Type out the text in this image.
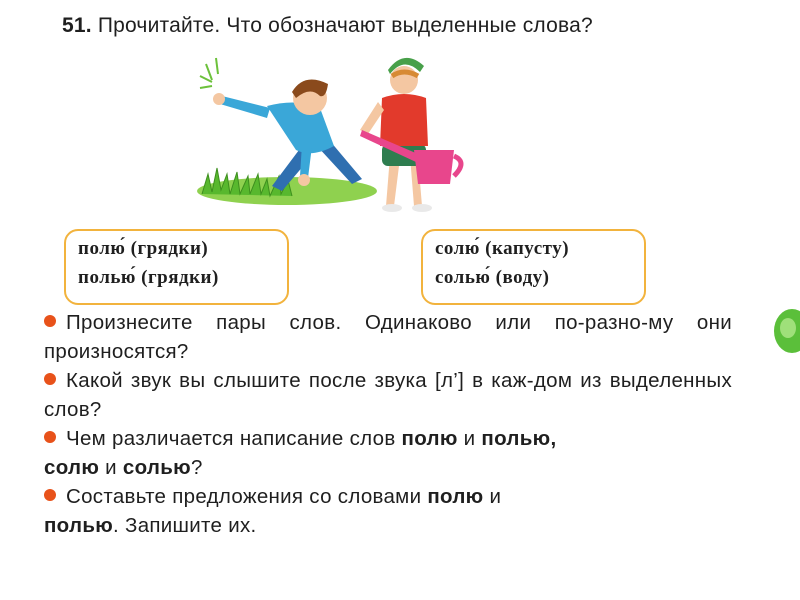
51. Прочитайте. Что обозначают выделенные слова?
полю́ (грядки)
полью́ (грядки)
солю́ (капусту)
солью́ (воду)
Произнесите пары слов. Одинаково или по-разно-му они произносятся?
Какой звук вы слышите после звука [л’] в каж-дом из выделенных слов?
Чем различается написание слов полю и полью,
солю и солью?
Составьте предложения со словами полю и
полью. Запишите их.
